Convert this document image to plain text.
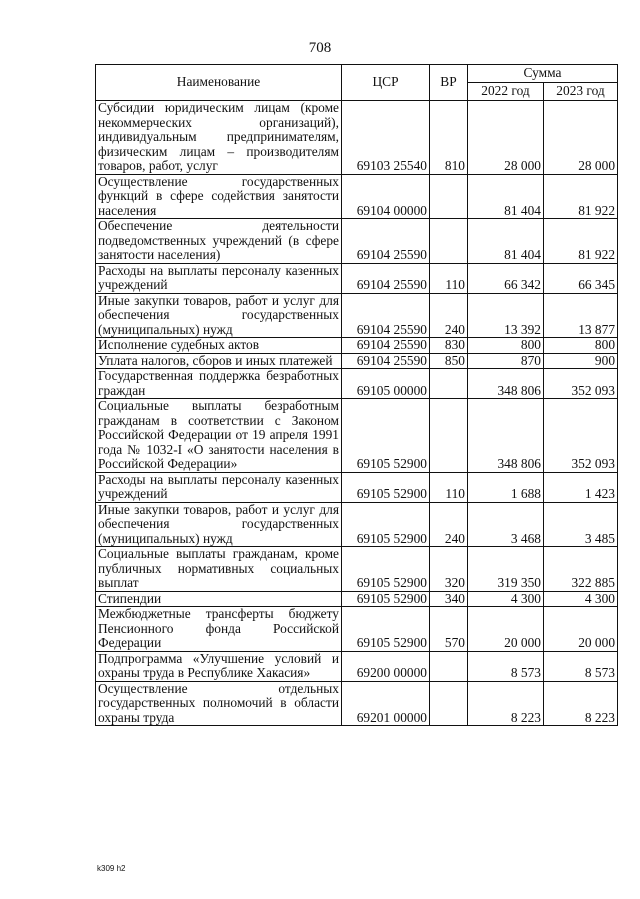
708
Наименование	ЦСР	ВР	Сумма	
			2022 год	2023 год
Субсидии юридическим лицам (кроме некоммерческих организаций), индивидуальным предпринимателям, физическим лицам – производителям товаров, работ, услуг	69103 25540	810	28 000	28 000
Осуществление государственных функций в сфере содействия занятости населения	69104 00000		81 404	81 922
Обеспечение деятельности подведомственных учреждений (в сфере занятости населения)	69104 25590		81 404	81 922
Расходы на выплаты персоналу казенных учреждений	69104 25590	110	66 342	66 345
Иные закупки товаров, работ и услуг для обеспечения государственных (муниципальных) нужд	69104 25590	240	13 392	13 877
Исполнение судебных актов	69104 25590	830	800	800
Уплата налогов, сборов и иных платежей	69104 25590	850	870	900
Государственная поддержка безработных граждан	69105 00000		348 806	352 093
Социальные выплаты безработным гражданам в соответствии с Законом Российской Федерации от 19 апреля 1991 года № 1032-I «О занятости населения в Российской Федерации»	69105 52900		348 806	352 093
Расходы на выплаты персоналу казенных учреждений	69105 52900	110	1 688	1 423
Иные закупки товаров, работ и услуг для обеспечения государственных (муниципальных) нужд	69105 52900	240	3 468	3 485
Социальные выплаты гражданам, кроме публичных нормативных социальных выплат	69105 52900	320	319 350	322 885
Стипендии	69105 52900	340	4 300	4 300
Межбюджетные трансферты бюджету Пенсионного фонда Российской Федерации	69105 52900	570	20 000	20 000
Подпрограмма «Улучшение условий и охраны труда в Республике Хакасия»	69200 00000		8 573	8 573
Осуществление отдельных государственных полномочий в области охраны труда	69201 00000		8 223	8 223
k309 h2
